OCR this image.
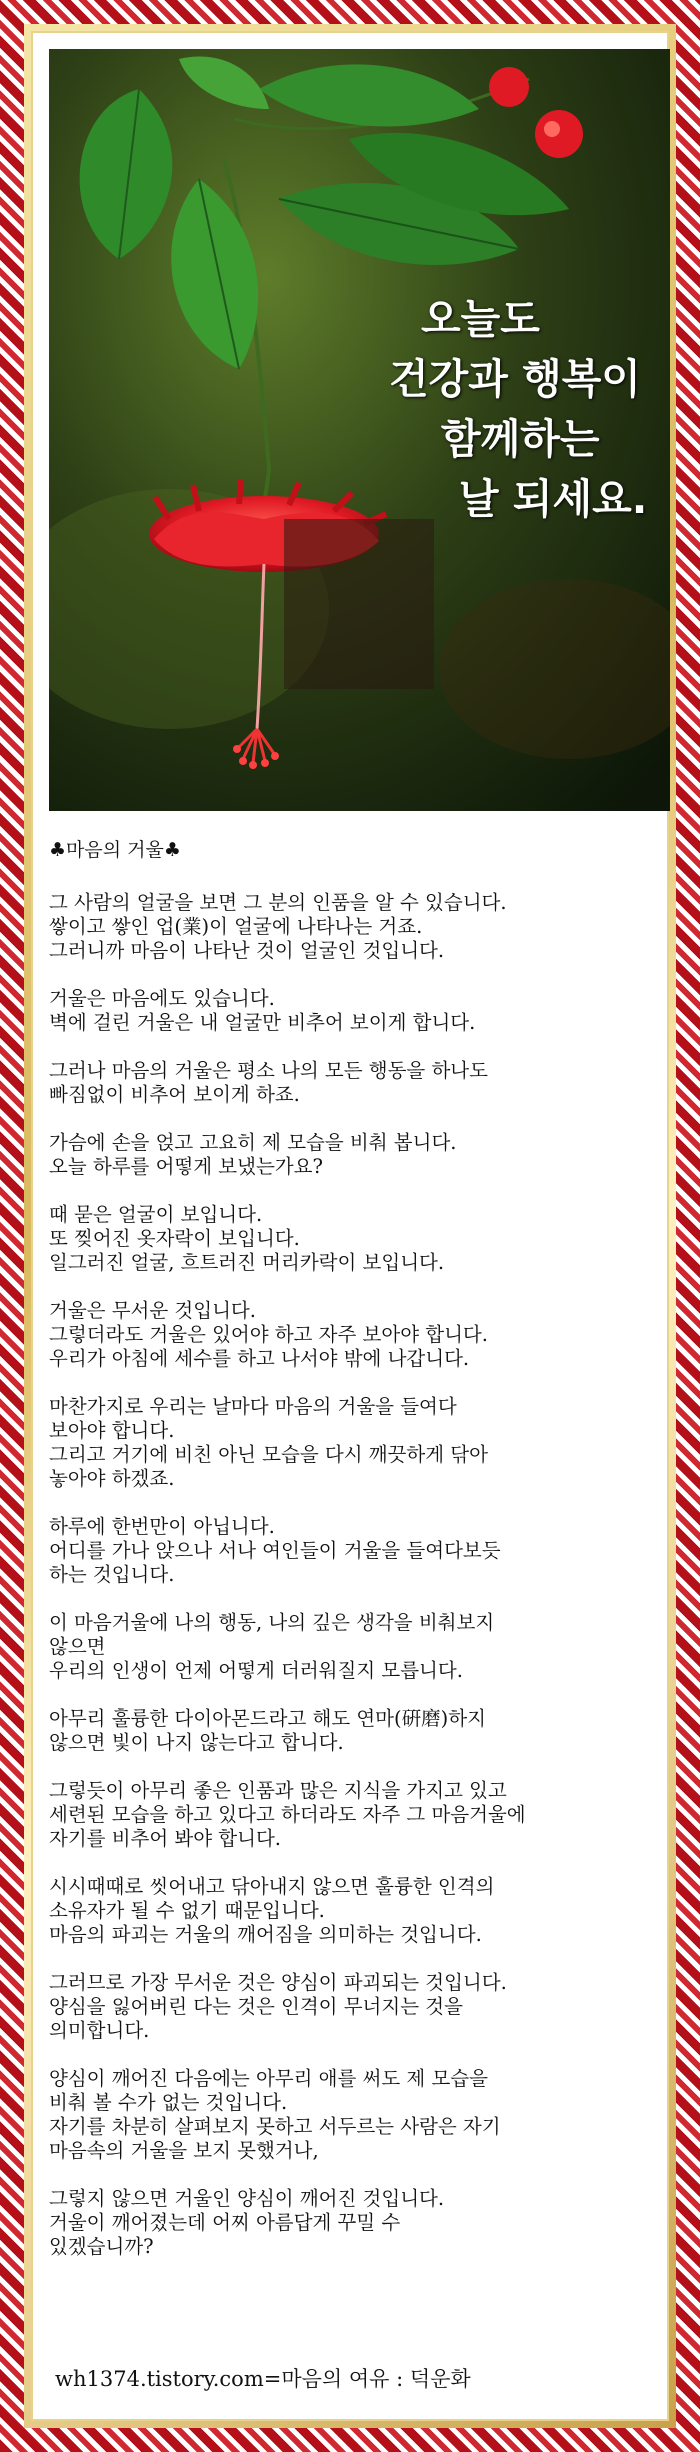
오늘도
건강과 행복이
함께하는
날 되세요.
♣마음의 거울♣
그 사람의 얼굴을 보면 그 분의 인품을 알 수 있습니다.
쌓이고 쌓인 업(業)이 얼굴에 나타나는 거죠.
그러니까 마음이 나타난 것이 얼굴인 것입니다.
거울은 마음에도 있습니다.
벽에 걸린 거울은 내 얼굴만 비추어 보이게 합니다.
그러나 마음의 거울은 평소 나의 모든 행동을 하나도
빠짐없이 비추어 보이게 하죠.
가슴에 손을 얹고 고요히 제 모습을 비춰 봅니다.
오늘 하루를 어떻게 보냈는가요?
때 묻은 얼굴이 보입니다.
또 찢어진 옷자락이 보입니다.
일그러진 얼굴, 흐트러진 머리카락이 보입니다.
거울은 무서운 것입니다.
그렇더라도 거울은 있어야 하고 자주 보아야 합니다.
우리가 아침에 세수를 하고 나서야 밖에 나갑니다.
마찬가지로 우리는 날마다 마음의 거울을 들여다
보아야 합니다.
그리고 거기에 비친 아닌 모습을 다시 깨끗하게 닦아
놓아야 하겠죠.
하루에 한번만이 아닙니다.
어디를 가나 앉으나 서나 여인들이 거울을 들여다보듯
하는 것입니다.
이 마음거울에 나의 행동, 나의 깊은 생각을 비춰보지
않으면
우리의 인생이 언제 어떻게 더러워질지 모릅니다.
아무리 훌륭한 다이아몬드라고 해도 연마(硏磨)하지
않으면 빛이 나지 않는다고 합니다.
그렇듯이 아무리 좋은 인품과 많은 지식을 가지고 있고
세련된 모습을 하고 있다고 하더라도 자주 그 마음거울에
자기를 비추어 봐야 합니다.
시시때때로 씻어내고 닦아내지 않으면 훌륭한 인격의
소유자가 될 수 없기 때문입니다.
마음의 파괴는 거울의 깨어짐을 의미하는 것입니다.
그러므로 가장 무서운 것은 양심이 파괴되는 것입니다.
양심을 잃어버린 다는 것은 인격이 무너지는 것을
의미합니다.
양심이 깨어진 다음에는 아무리 애를 써도 제 모습을
비춰 볼 수가 없는 것입니다.
자기를 차분히 살펴보지 못하고 서두르는 사람은 자기
마음속의 거울을 보지 못했거나,
그렇지 않으면 거울인 양심이 깨어진 것입니다.
거울이 깨어졌는데 어찌 아름답게 꾸밀 수
있겠습니까?
wh1374.tistory.com=마음의 여유 : 덕운화
